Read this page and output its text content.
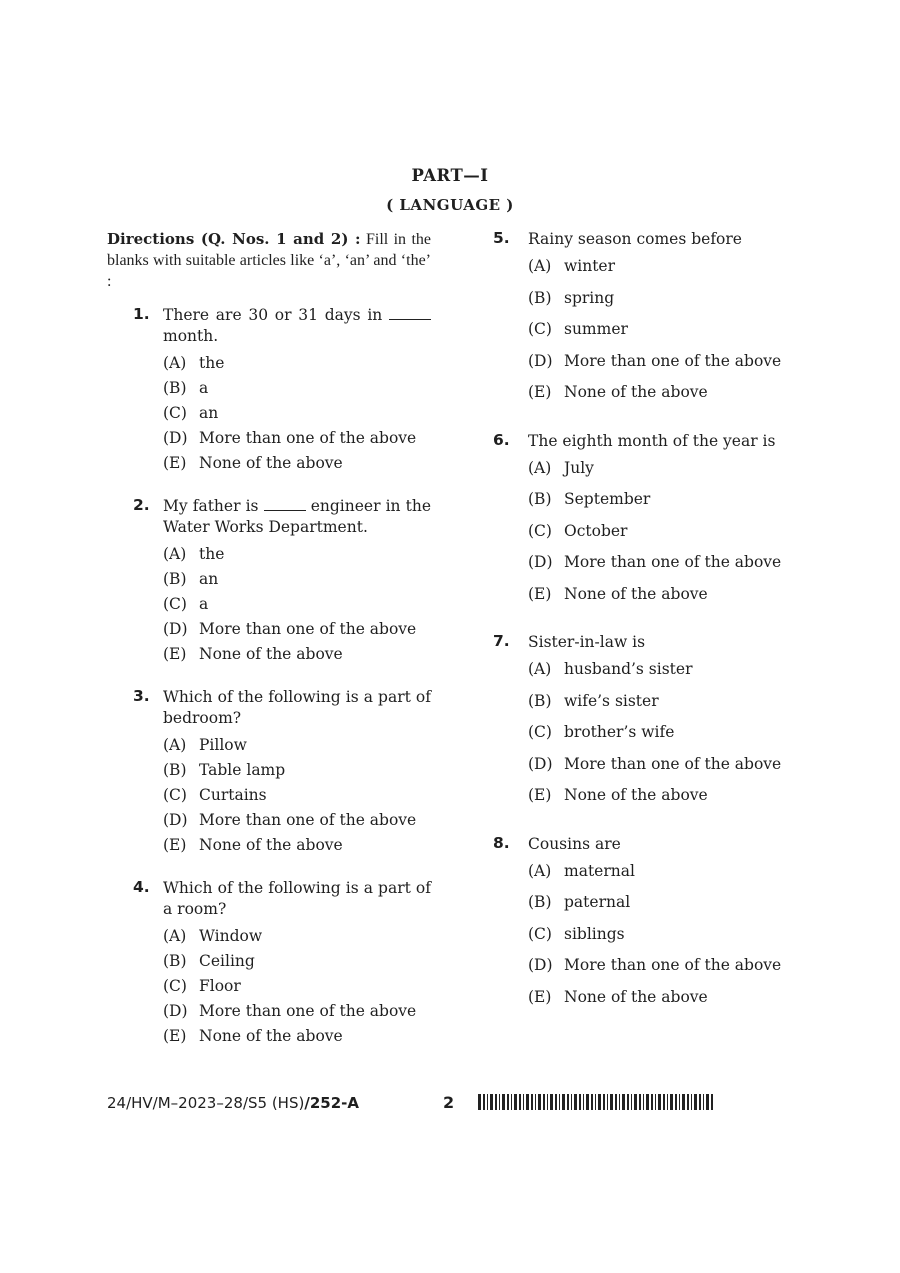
PART—I
( LANGUAGE )

Directions (Q. Nos. 1 and 2) : Fill in the blanks with suitable articles like ‘a’, ‘an’ and ‘the’ :

1. There are 30 or 31 days in  month.
(A) the
(B) a
(C) an
(D) More than one of the above
(E) None of the above
2. My father is	engineer in the Water Works Department.
(A) the
(B) an
(C) a
(D) More than one of the above
(E) None of the above
3. Which of the following is a part of bedroom?
(A) Pillow
(B) Table lamp
(C) Curtains
(D) More than one of the above
(E) None of the above
4. Which of the following is a part of a room?
(A) Window
(B) Ceiling
(C) Floor
(D) More than one of the above
(E) None of the above
5. Rainy season comes before
(A) winter
(B) spring
(C) summer
(D) More than one of the above
(E) None of the above
6. The eighth month of the year is
(A) July
(B) September
(C) October
(D) More than one of the above
(E) None of the above
7. Sister-in-law is
(A) husband’s sister
(B) wife’s sister
(C) brother’s wife
(D) More than one of the above
(E) None of the above
8. Cousins are
(A) maternal
(B) paternal
(C) siblings
(D) More than one of the above
(E) None of the above
24/HV/M–2023–28/S5 (HS)/252-A	2
